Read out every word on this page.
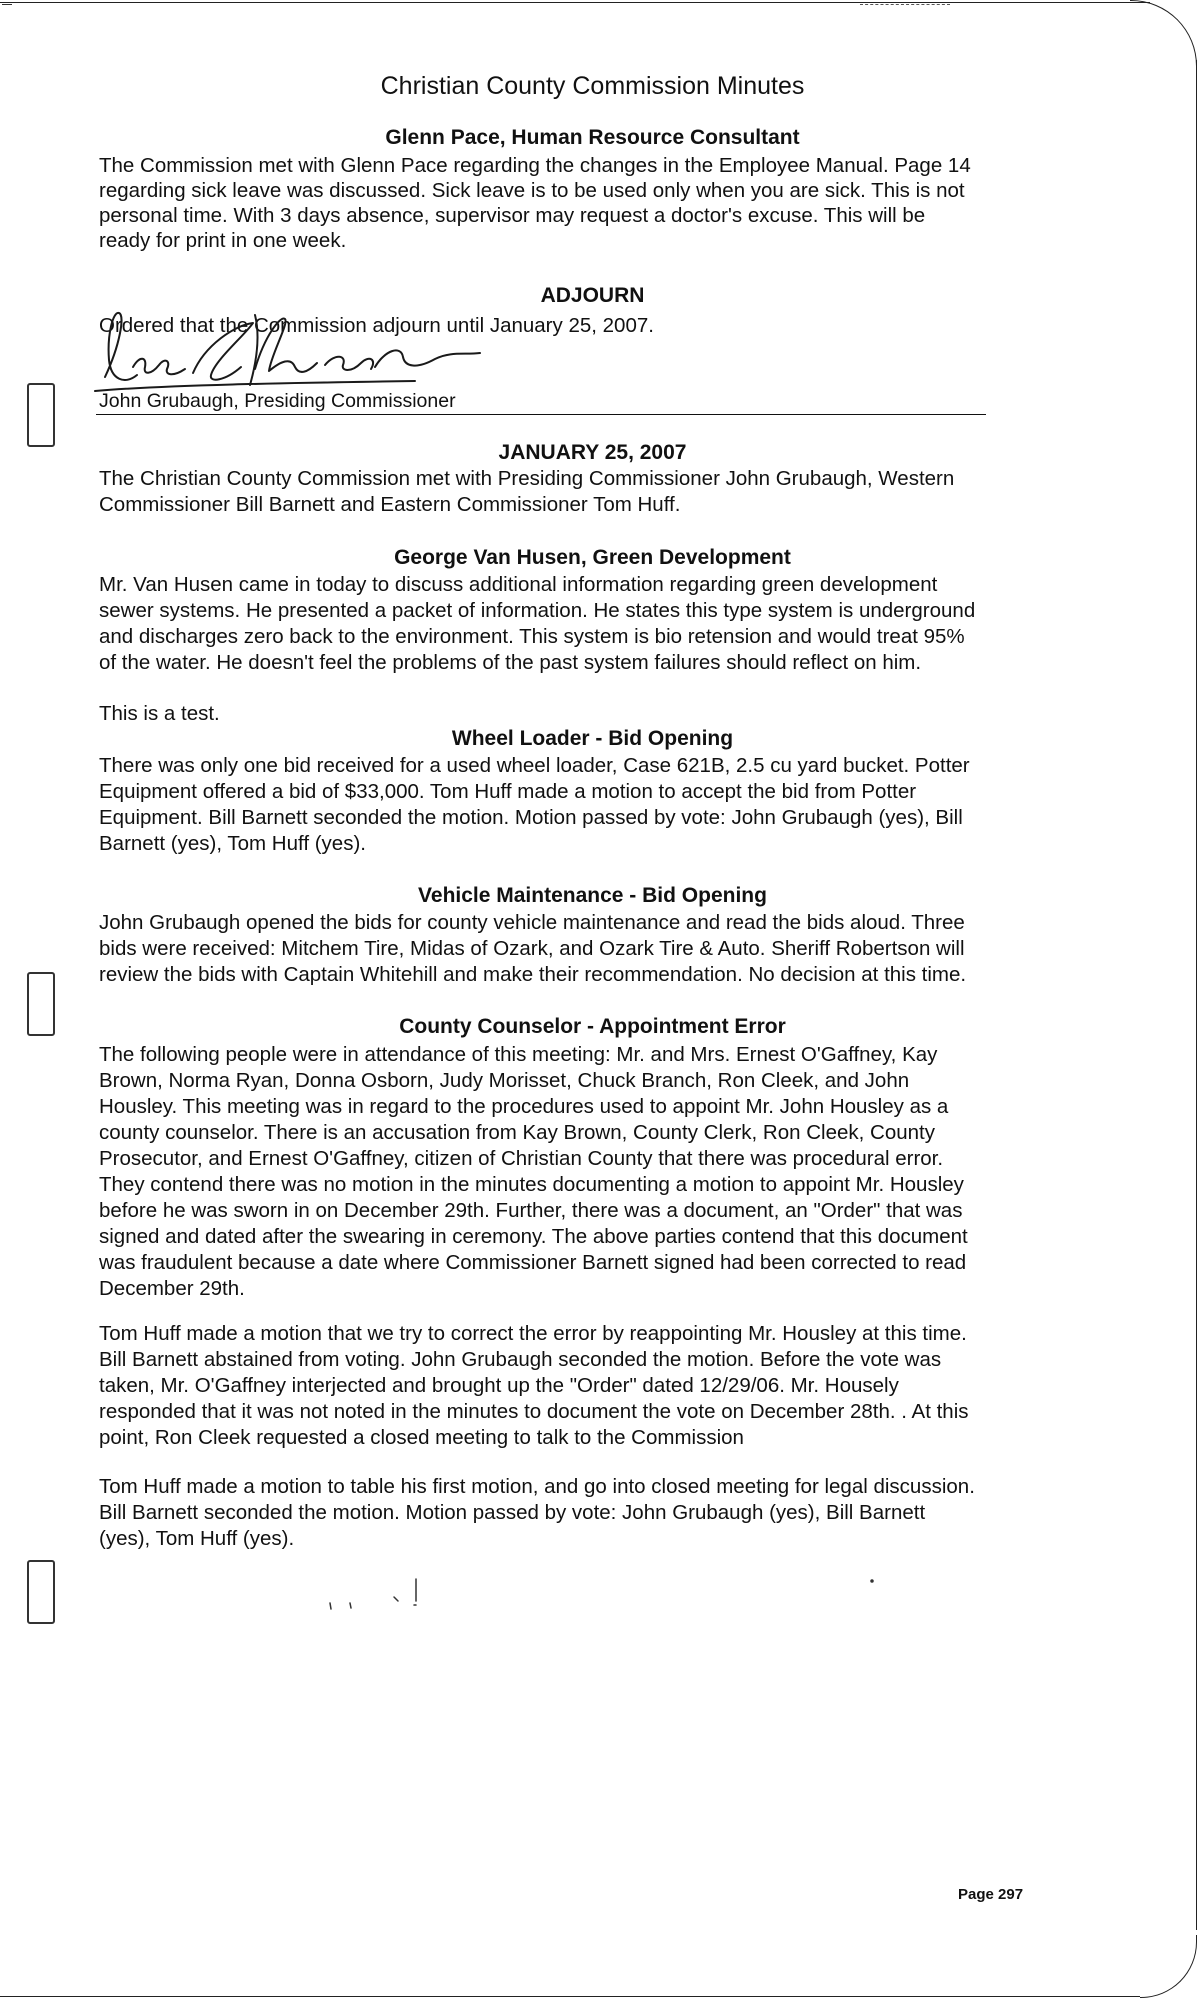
Christian County Commission Minutes
Glenn Pace, Human Resource Consultant
The Commission met with Glenn Pace regarding the changes in the Employee Manual. Page 14
regarding sick leave was discussed. Sick leave is to be used only when you are sick. This is not
personal time. With 3 days absence, supervisor may request a doctor's excuse. This will be
ready for print in one week.
ADJOURN
Ordered that the Commission adjourn until January 25, 2007.
John Grubaugh, Presiding Commissioner
JANUARY 25, 2007
The Christian County Commission met with Presiding Commissioner John Grubaugh, Western
Commissioner Bill Barnett and Eastern Commissioner Tom Huff.
George Van Husen, Green Development
Mr. Van Husen came in today to discuss additional information regarding green development
sewer systems. He presented a packet of information. He states this type system is underground
and discharges zero back to the environment. This system is bio retension and would treat 95%
of the water. He doesn't feel the problems of the past system failures should reflect on him.
This is a test.
Wheel Loader - Bid Opening
There was only one bid received for a used wheel loader, Case 621B, 2.5 cu yard bucket. Potter
Equipment offered a bid of $33,000. Tom Huff made a motion to accept the bid from Potter
Equipment. Bill Barnett seconded the motion. Motion passed by vote: John Grubaugh (yes), Bill
Barnett (yes), Tom Huff (yes).
Vehicle Maintenance - Bid Opening
John Grubaugh opened the bids for county vehicle maintenance and read the bids aloud. Three
bids were received: Mitchem Tire, Midas of Ozark, and Ozark Tire & Auto. Sheriff Robertson will
review the bids with Captain Whitehill and make their recommendation. No decision at this time.
County Counselor - Appointment Error
The following people were in attendance of this meeting: Mr. and Mrs. Ernest O'Gaffney, Kay
Brown, Norma Ryan, Donna Osborn, Judy Morisset, Chuck Branch, Ron Cleek, and John
Housley. This meeting was in regard to the procedures used to appoint Mr. John Housley as a
county counselor. There is an accusation from Kay Brown, County Clerk, Ron Cleek, County
Prosecutor, and Ernest O'Gaffney, citizen of Christian County that there was procedural error.
They contend there was no motion in the minutes documenting a motion to appoint Mr. Housley
before he was sworn in on December 29th. Further, there was a document, an "Order" that was
signed and dated after the swearing in ceremony. The above parties contend that this document
was fraudulent because a date where Commissioner Barnett signed had been corrected to read
December 29th.
Tom Huff made a motion that we try to correct the error by reappointing Mr. Housley at this time.
Bill Barnett abstained from voting. John Grubaugh seconded the motion. Before the vote was
taken, Mr. O'Gaffney interjected and brought up the "Order" dated 12/29/06. Mr. Housely
responded that it was not noted in the minutes to document the vote on December 28th. . At this
point, Ron Cleek requested a closed meeting to talk to the Commission
Tom Huff made a motion to table his first motion, and go into closed meeting for legal discussion.
Bill Barnett seconded the motion. Motion passed by vote: John Grubaugh (yes), Bill Barnett
(yes), Tom Huff (yes).
Page 297
